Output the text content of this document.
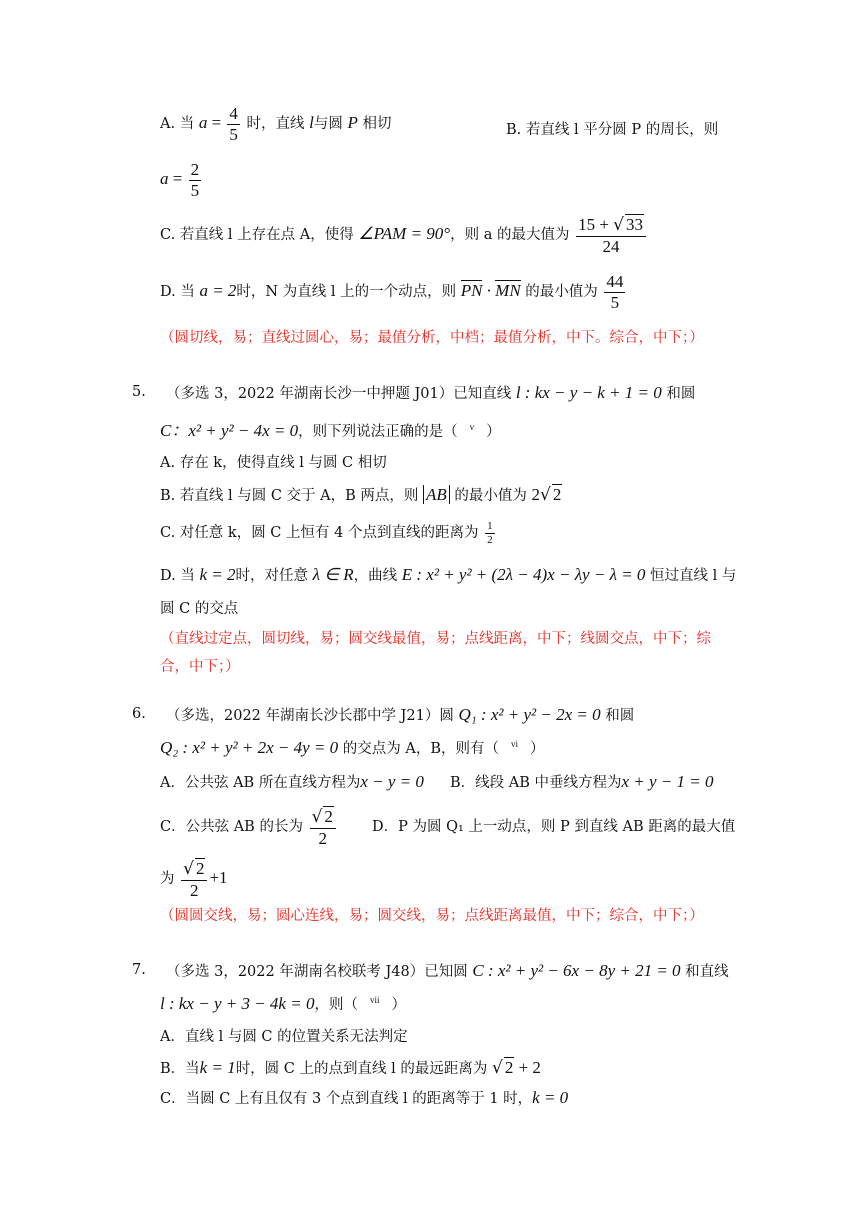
A. 当 $a = \frac{4}{5}$ 时，直线 l与圆 P 相切	B. 若直线 l 平分圆 P 的周长，则
$a = \frac{2}{5}$
C. 若直线 l 上存在点 A，使得 ∠PAM = 90°，则 a 的最大值为 $\frac{15 + √ 33}{24}$
D. 当 a = 2时，N 为直线 l 上的一个动点，则 PN · MN 的最小值为 $\frac{44}{5}$
（圆切线，易；直线过圆心，易；最值分析，中档；最值分析，中下。综合，中下；）
5. （多选 3，2022 年湖南长沙一中押题 J01）已知直线 l : kx − y − k + 1 = 0 和圆
C：x² + y² − 4x = 0，则下列说法正确的是（ $^v$ ）
A. 存在 k，使得直线 l 与圆 C 相切
B. 若直线 l 与圆 C 交于 A，B 两点，则 AB 的最小值为 2√ 2
C. 对任意 k，圆 C 上恒有 4 个点到直线的距离为 $\frac{1}{2}$
D. 当 k = 2时，对任意 λ ∈ R，曲线 E : x² + y² + (2λ − 4)x − λy − λ = 0 恒过直线 l 与
圆 C 的交点
（直线过定点，圆切线，易；圆交线最值，易；点线距离，中下；线圆交点，中下；综
合，中下；）
6. （多选，2022 年湖南长沙长郡中学 J21）圆 Q₁ : x² + y² − 2x = 0 和圆
Q₂ : x² + y² + 2x − 4y = 0 的交点为 A，B，则有（ $^{vi}$ ）
A．公共弦 AB 所在直线方程为x − y = 0 B．线段 AB 中垂线方程为x + y − 1 = 0
C．公共弦 AB 的长为 $\frac{√ 2}{2}$ D．P 为圆 Q₁ 上一动点，则 P 到直线 AB 距离的最大值
为 $\frac{√ 2}{2} +1$
（圆圆交线，易；圆心连线，易；圆交线，易；点线距离最值，中下；综合，中下；）
7. （多选 3，2022 年湖南名校联考 J48）已知圆 C : x² + y² − 6x − 8y + 21 = 0 和直线
l : kx − y + 3 − 4k = 0，则（ $^{vii}$ ）
A．直线 l 与圆 C 的位置关系无法判定
B．当k = 1时，圆 C 上的点到直线 l 的最远距离为 √ 2 + 2
C．当圆 C 上有且仅有 3 个点到直线 l 的距离等于 1 时，k = 0
